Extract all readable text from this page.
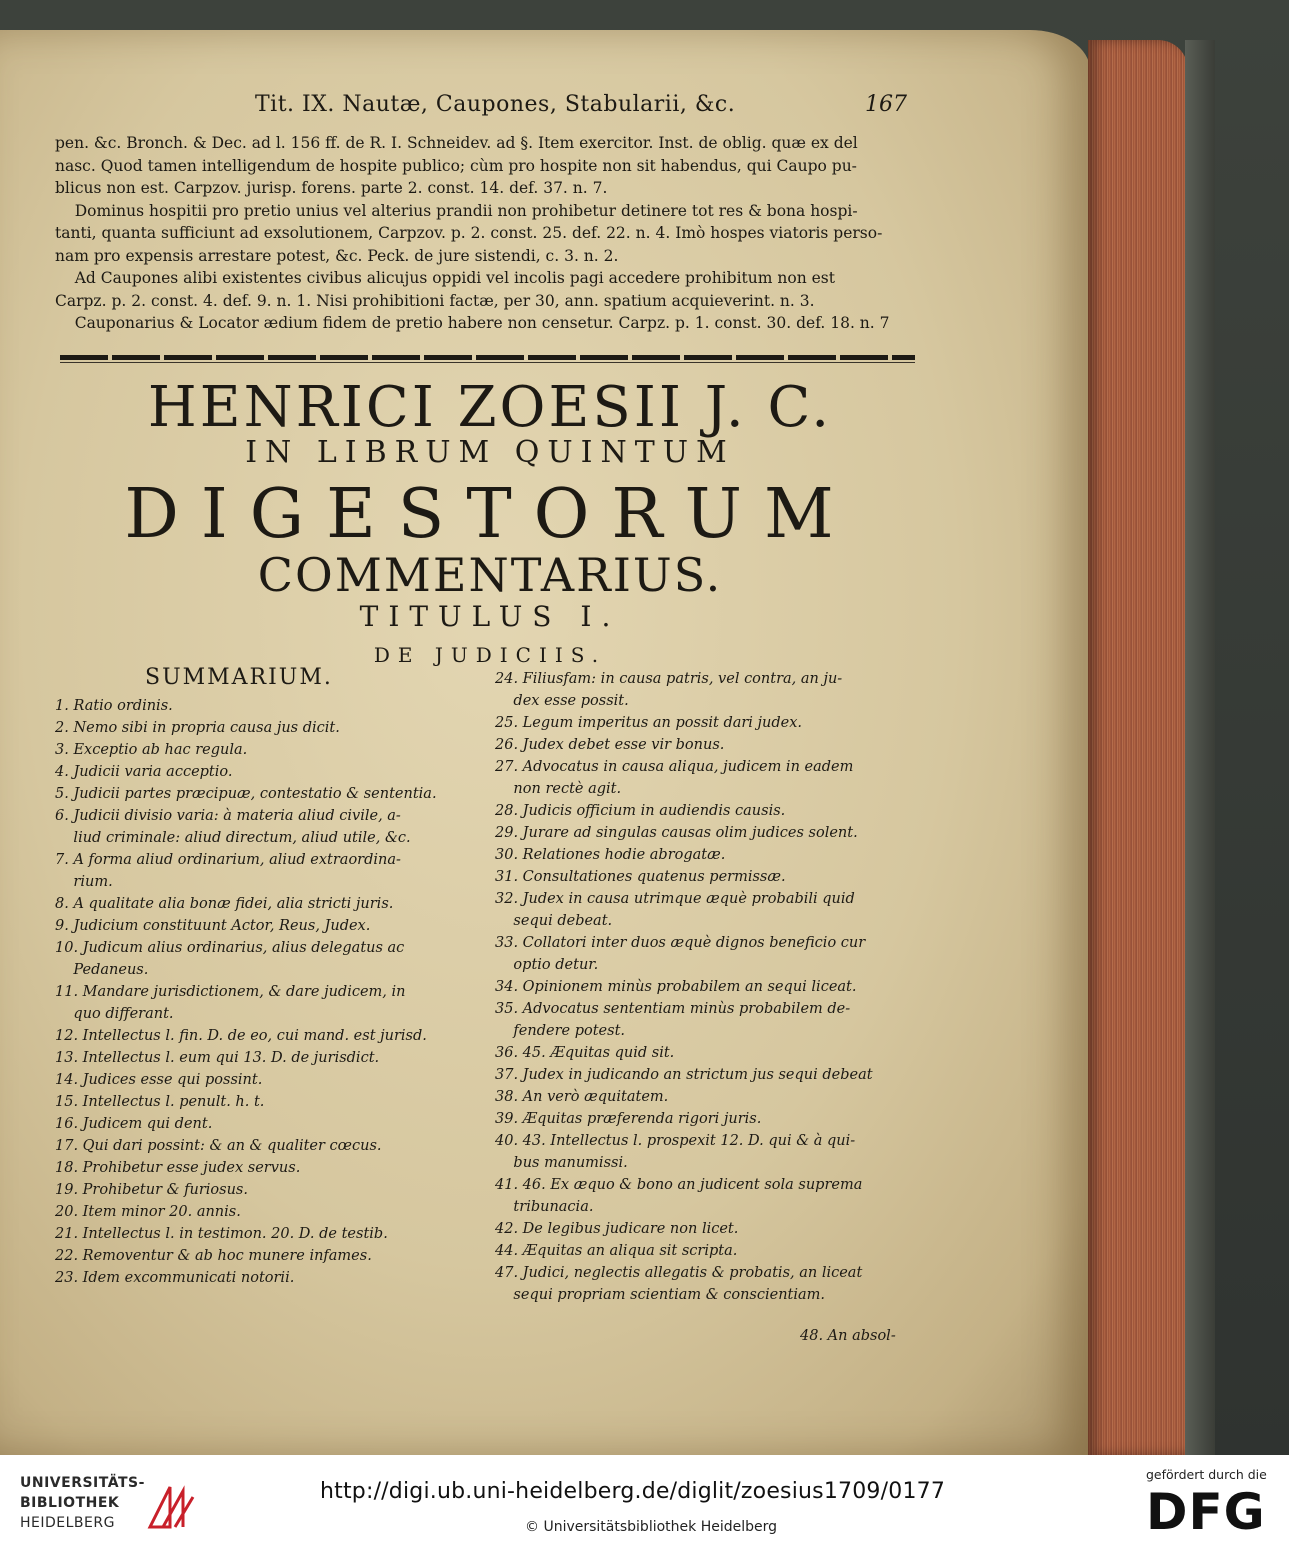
Tit. IX. Nautæ, Caupones, Stabularii, &c.	167
pen. &c. Bronch. & Dec. ad l. 156 ff. de R. I. Schneidev. ad §. Item exercitor. Inst. de oblig. quæ ex del
nasc. Quod tamen intelligendum de hospite publico; cùm pro hospite non sit habendus, qui Caupo pu-
blicus non est. Carpzov. jurisp. forens. parte 2. const. 14. def. 37. n. 7.
Dominus hospitii pro pretio unius vel alterius prandii non prohibetur detinere tot res & bona hospi-
tanti, quanta sufficiunt ad exsolutionem, Carpzov. p. 2. const. 25. def. 22. n. 4. Imò hospes viatoris perso-
nam pro expensis arrestare potest, &c. Peck. de jure sistendi, c. 3. n. 2.
Ad Caupones alibi existentes civibus alicujus oppidi vel incolis pagi accedere prohibitum non est
Carpz. p. 2. const. 4. def. 9. n. 1. Nisi prohibitioni factæ, per 30, ann. spatium acquieverint. n. 3.
Cauponarius & Locator ædium fidem de pretio habere non censetur. Carpz. p. 1. const. 30. def. 18. n. 7
HENRICI ZOESII J. C.
IN LIBRUM QUINTUM
DIGESTORUM
COMMENTARIUS.
TITULUS I.
DE JUDICIIS.
SUMMARIUM.
1. Ratio ordinis.
2. Nemo sibi in propria causa jus dicit.
3. Exceptio ab hac regula.
4. Judicii varia acceptio.
5. Judicii partes præcipuæ, contestatio & sententia.
6. Judicii divisio varia: à materia aliud civile, a-
liud criminale: aliud directum, aliud utile, &c.
7. A forma aliud ordinarium, aliud extraordina-
rium.
8. A qualitate alia bonæ fidei, alia stricti juris.
9. Judicium constituunt Actor, Reus, Judex.
10. Judicum alius ordinarius, alius delegatus ac
Pedaneus.
11. Mandare jurisdictionem, & dare judicem, in
quo differant.
12. Intellectus l. fin. D. de eo, cui mand. est jurisd.
13. Intellectus l. eum qui 13. D. de jurisdict.
14. Judices esse qui possint.
15. Intellectus l. penult. h. t.
16. Judicem qui dent.
17. Qui dari possint: & an & qualiter cœcus.
18. Prohibetur esse judex servus.
19. Prohibetur & furiosus.
20. Item minor 20. annis.
21. Intellectus l. in testimon. 20. D. de testib.
22. Removentur & ab hoc munere infames.
23. Idem excommunicati notorii.
24. Filiusfam: in causa patris, vel contra, an ju-
dex esse possit.
25. Legum imperitus an possit dari judex.
26. Judex debet esse vir bonus.
27. Advocatus in causa aliqua, judicem in eadem
non rectè agit.
28. Judicis officium in audiendis causis.
29. Jurare ad singulas causas olim judices solent.
30. Relationes hodie abrogatæ.
31. Consultationes quatenus permissæ.
32. Judex in causa utrimque æquè probabili quid
sequi debeat.
33. Collatori inter duos æquè dignos beneficio cur
optio detur.
34. Opinionem minùs probabilem an sequi liceat.
35. Advocatus sententiam minùs probabilem de-
fendere potest.
36. 45. Æquitas quid sit.
37. Judex in judicando an strictum jus sequi debeat
38. An verò æquitatem.
39. Æquitas præferenda rigori juris.
40. 43. Intellectus l. prospexit 12. D. qui & à qui-
bus manumissi.
41. 46. Ex æquo & bono an judicent sola suprema
tribunacia.
42. De legibus judicare non licet.
44. Æquitas an aliqua sit scripta.
47. Judici, neglectis allegatis & probatis, an liceat
sequi propriam scientiam & conscientiam.
48. An absol-
UNIVERSITÄTS-
BIBLIOTHEK
HEIDELBERG
http://digi.ub.uni-heidelberg.de/diglit/zoesius1709/0177
© Universitätsbibliothek Heidelberg
gefördert durch die
DFG
